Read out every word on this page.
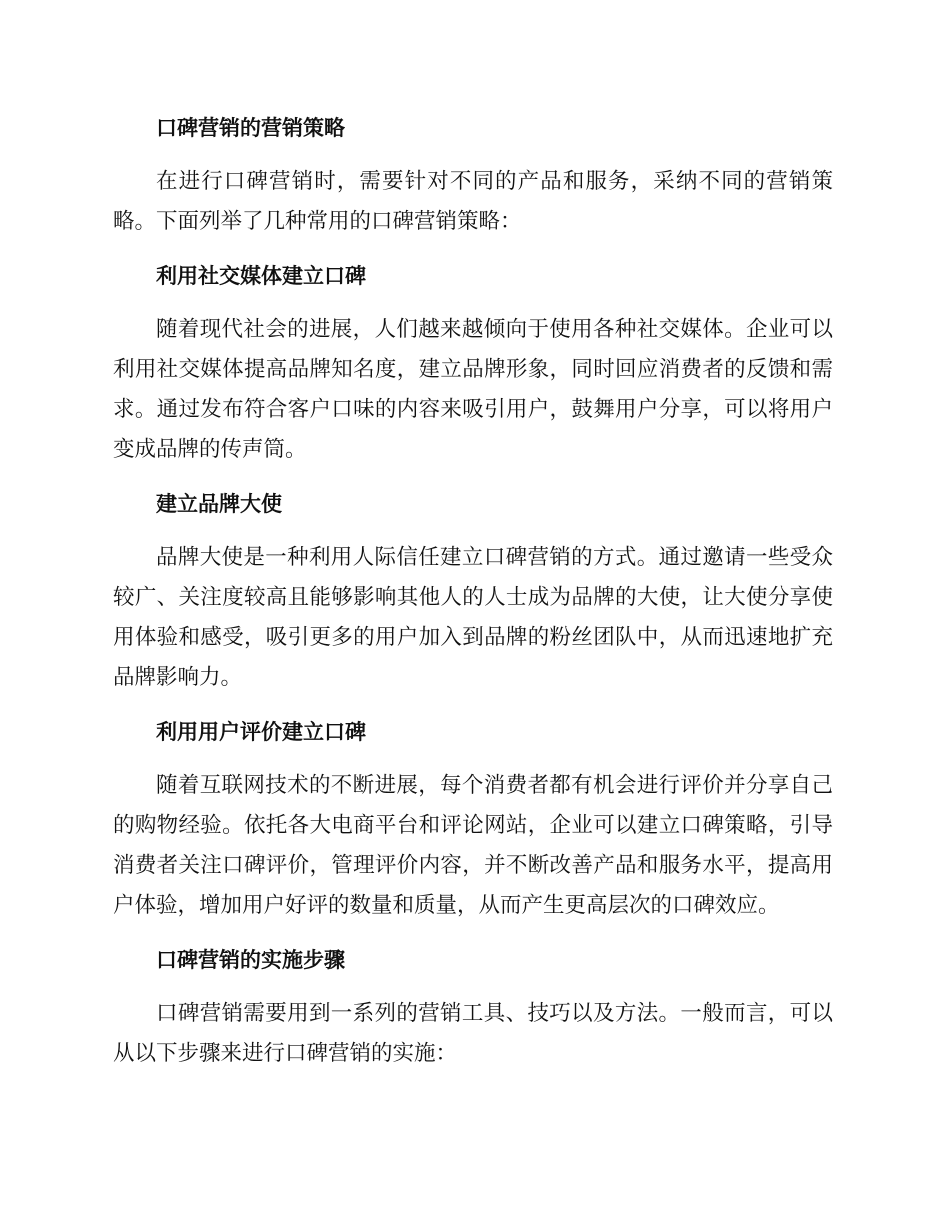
口碑营销的营销策略

在进行口碑营销时，需要针对不同的产品和服务，采纳不同的营销策略。下面列举了几种常用的口碑营销策略：

利用社交媒体建立口碑

随着现代社会的进展，人们越来越倾向于使用各种社交媒体。企业可以利用社交媒体提高品牌知名度，建立品牌形象，同时回应消费者的反馈和需求。通过发布符合客户口味的内容来吸引用户，鼓舞用户分享，可以将用户变成品牌的传声筒。

建立品牌大使

品牌大使是一种利用人际信任建立口碑营销的方式。通过邀请一些受众较广、关注度较高且能够影响其他人的人士成为品牌的大使，让大使分享使用体验和感受，吸引更多的用户加入到品牌的粉丝团队中，从而迅速地扩充品牌影响力。

利用用户评价建立口碑

随着互联网技术的不断进展，每个消费者都有机会进行评价并分享自己的购物经验。依托各大电商平台和评论网站，企业可以建立口碑策略，引导消费者关注口碑评价，管理评价内容，并不断改善产品和服务水平，提高用户体验，增加用户好评的数量和质量，从而产生更高层次的口碑效应。

口碑营销的实施步骤

口碑营销需要用到一系列的营销工具、技巧以及方法。一般而言，可以从以下步骤来进行口碑营销的实施：
